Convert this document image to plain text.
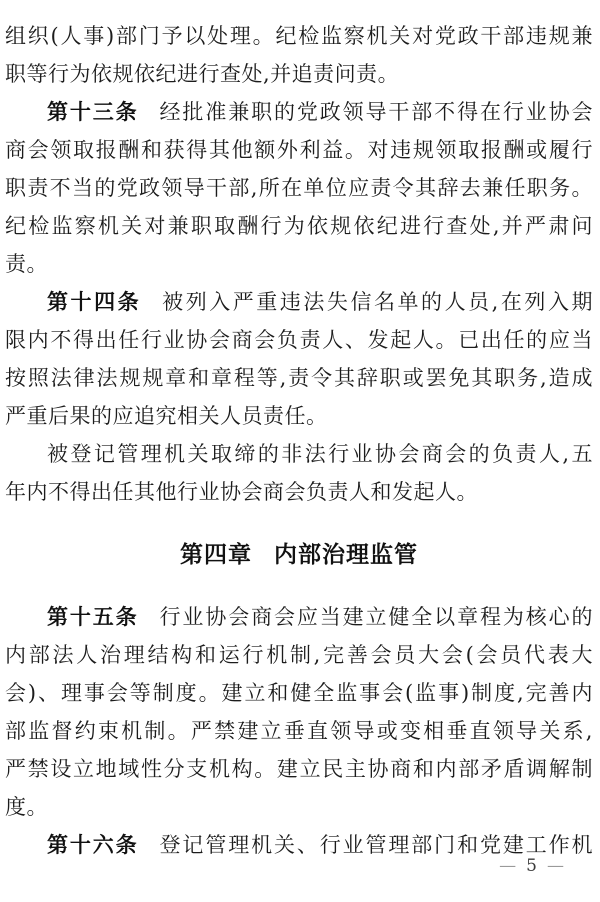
组织(人事)部门予以处理。纪检监察机关对党政干部违规兼
职等行为依规依纪进行查处,并追责问责。
第十三条 经批准兼职的党政领导干部不得在行业协会
商会领取报酬和获得其他额外利益。对违规领取报酬或履行
职责不当的党政领导干部,所在单位应责令其辞去兼任职务。
纪检监察机关对兼职取酬行为依规依纪进行查处,并严肃问
责。
第十四条 被列入严重违法失信名单的人员,在列入期
限内不得出任行业协会商会负责人、发起人。已出任的应当
按照法律法规规章和章程等,责令其辞职或罢免其职务,造成
严重后果的应追究相关人员责任。
被登记管理机关取缔的非法行业协会商会的负责人,五
年内不得出任其他行业协会商会负责人和发起人。
第四章 内部治理监管
第十五条 行业协会商会应当建立健全以章程为核心的
内部法人治理结构和运行机制,完善会员大会(会员代表大
会)、理事会等制度。建立和健全监事会(监事)制度,完善内
部监督约束机制。严禁建立垂直领导或变相垂直领导关系,
严禁设立地域性分支机构。建立民主协商和内部矛盾调解制
度。
第十六条 登记管理机关、行业管理部门和党建工作机
— 5 —
